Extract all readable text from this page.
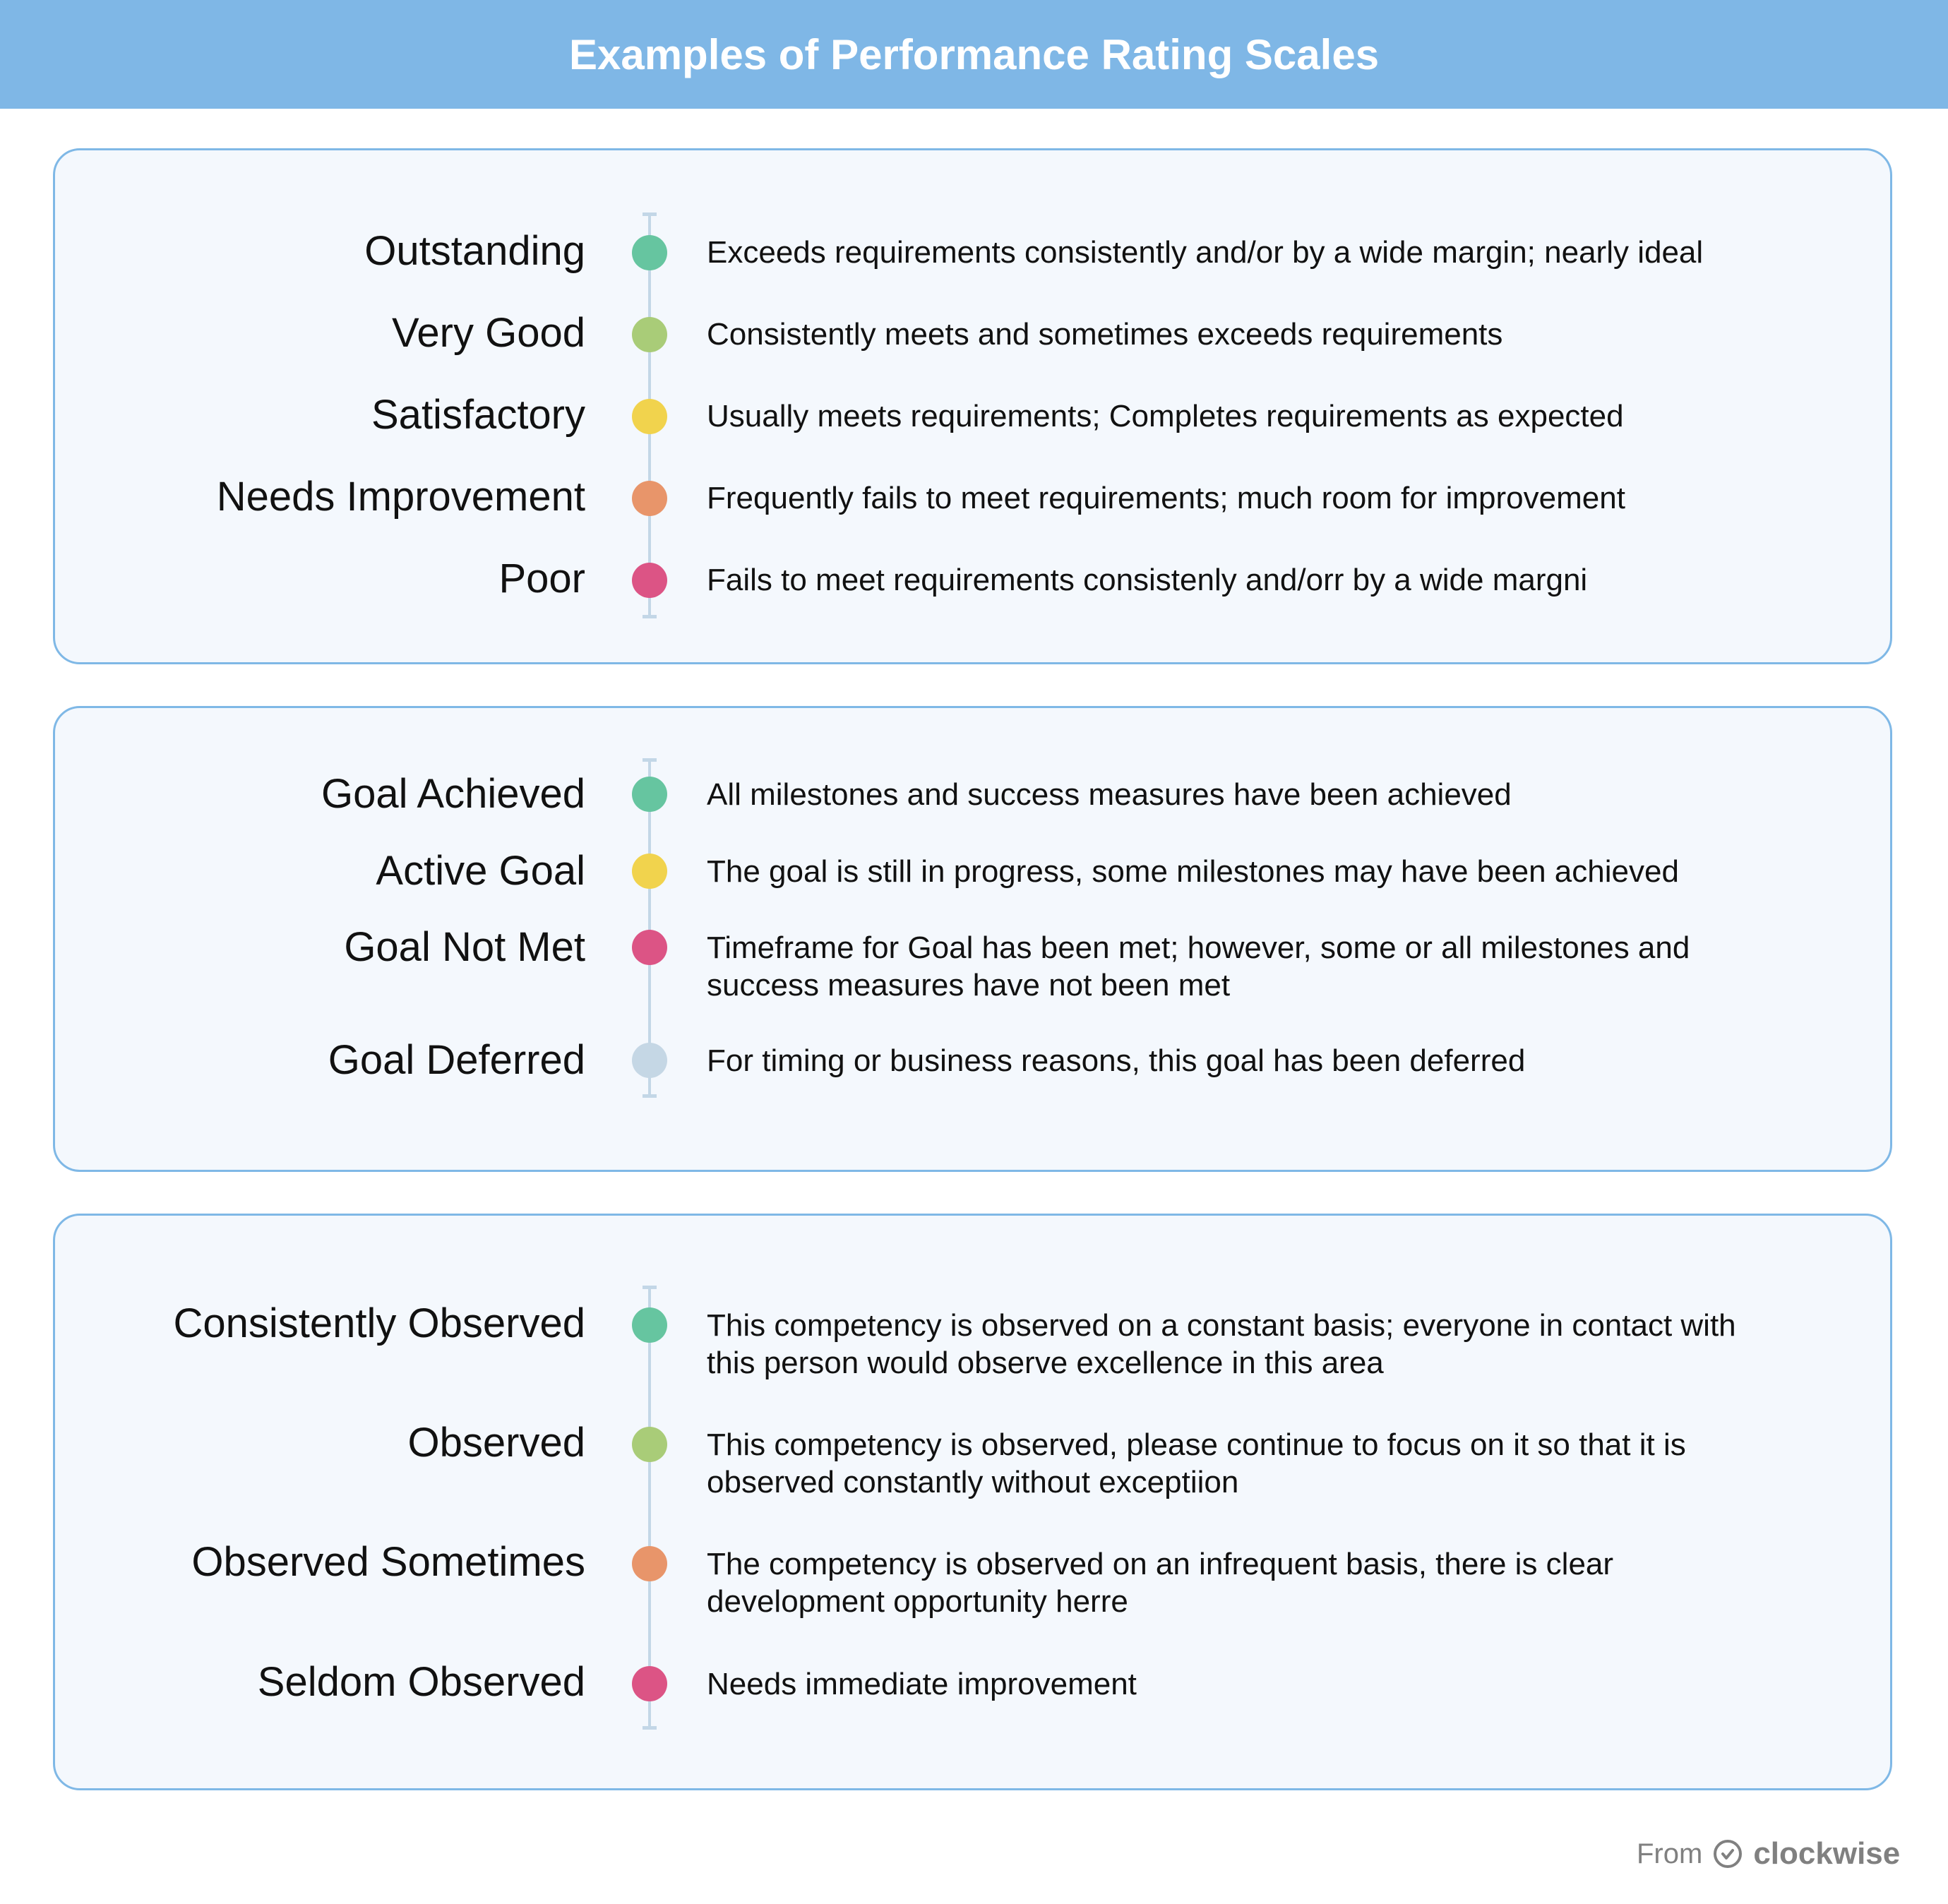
Examples of Performance Rating Scales
Outstanding	Exceeds requirements consistently and/or by a wide margin; nearly ideal
Very Good	Consistently meets and sometimes exceeds requirements
Satisfactory	Usually meets requirements; Completes requirements as expected
Needs Improvement	Frequently fails to meet requirements; much room for improvement
Poor	Fails to meet requirements consistenly and/orr by a wide margni
Goal Achieved	All milestones and success measures have been achieved
Active Goal	The goal is still in progress, some milestones may have been achieved
Goal Not Met	Timeframe for Goal has been met; however, some or all milestones and success measures have not been met
Goal Deferred	For timing or business reasons, this goal has been deferred
Consistently Observed	This competency is observed on a constant basis; everyone in contact with this person would observe excellence in this area
Observed	This competency is observed, please continue to focus on it so that it is observed constantly without exceptiion
Observed Sometimes	The competency is observed on an infrequent basis, there is clear development opportunity herre
Seldom Observed	Needs immediate improvement
From clockwise
